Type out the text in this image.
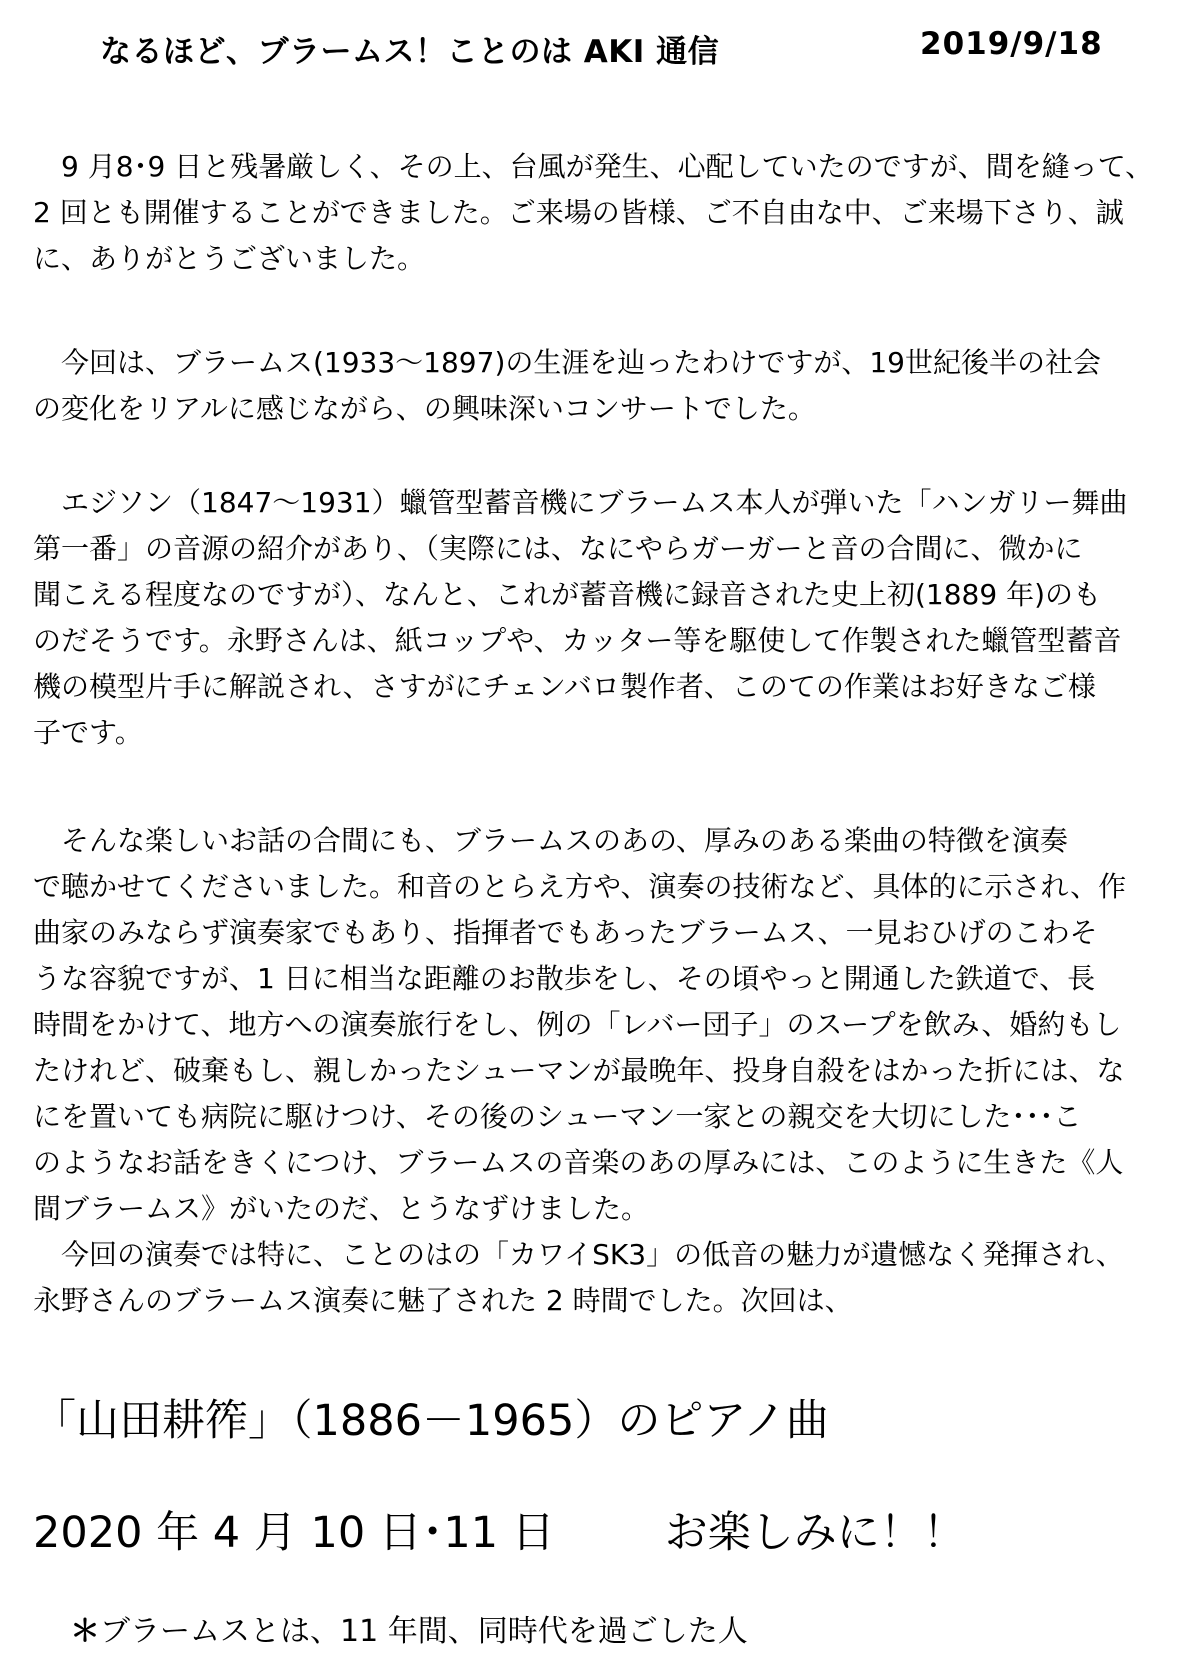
なるほど、ブラームス！ことのは AKI 通信	2019/9/18
　9 月8･9 日と残暑厳しく、その上、台風が発生、心配していたのですが、間を縫って、
2 回とも開催することができました。ご来場の皆様、ご不自由な中、ご来場下さり、誠
に、ありがとうございました。
　今回は、ブラームス(1933〜1897)の生涯を辿ったわけですが、19世紀後半の社会
の変化をリアルに感じながら、の興味深いコンサートでした。
　エジソン（1847〜1931）蠟管型蓄音機にブラームス本人が弾いた「ハンガリー舞曲
第一番」の音源の紹介があり、（実際には、なにやらガーガーと音の合間に、微かに
聞こえる程度なのですが）、なんと、これが蓄音機に録音された史上初(1889 年)のも
のだそうです。永野さんは、紙コップや、カッター等を駆使して作製された蠟管型蓄音
機の模型片手に解説され、さすがにチェンバロ製作者、このての作業はお好きなご様
子です。
　そんな楽しいお話の合間にも、ブラームスのあの、厚みのある楽曲の特徴を演奏
で聴かせてくださいました。和音のとらえ方や、演奏の技術など、具体的に示され、作
曲家のみならず演奏家でもあり、指揮者でもあったブラームス、一見おひげのこわそ
うな容貌ですが、1 日に相当な距離のお散歩をし、その頃やっと開通した鉄道で、長
時間をかけて、地方への演奏旅行をし、例の「レバー団子」のスープを飲み、婚約もし
たけれど、破棄もし、親しかったシューマンが最晩年、投身自殺をはかった折には、な
にを置いても病院に駆けつけ、その後のシューマン一家との親交を大切にした･･･こ
のようなお話をきくにつけ、ブラームスの音楽のあの厚みには、このように生きた《人
間ブラームス》がいたのだ、とうなずけました。
　今回の演奏では特に、ことのはの「カワイSK3」の低音の魅力が遺憾なく発揮され、
永野さんのブラームス演奏に魅了された 2 時間でした。次回は、
「山田耕筰」（1886－1965）のピアノ曲
2020 年 4 月 10 日･11 日	お楽しみに！！
＊ブラームスとは、11 年間、同時代を過ごした人
